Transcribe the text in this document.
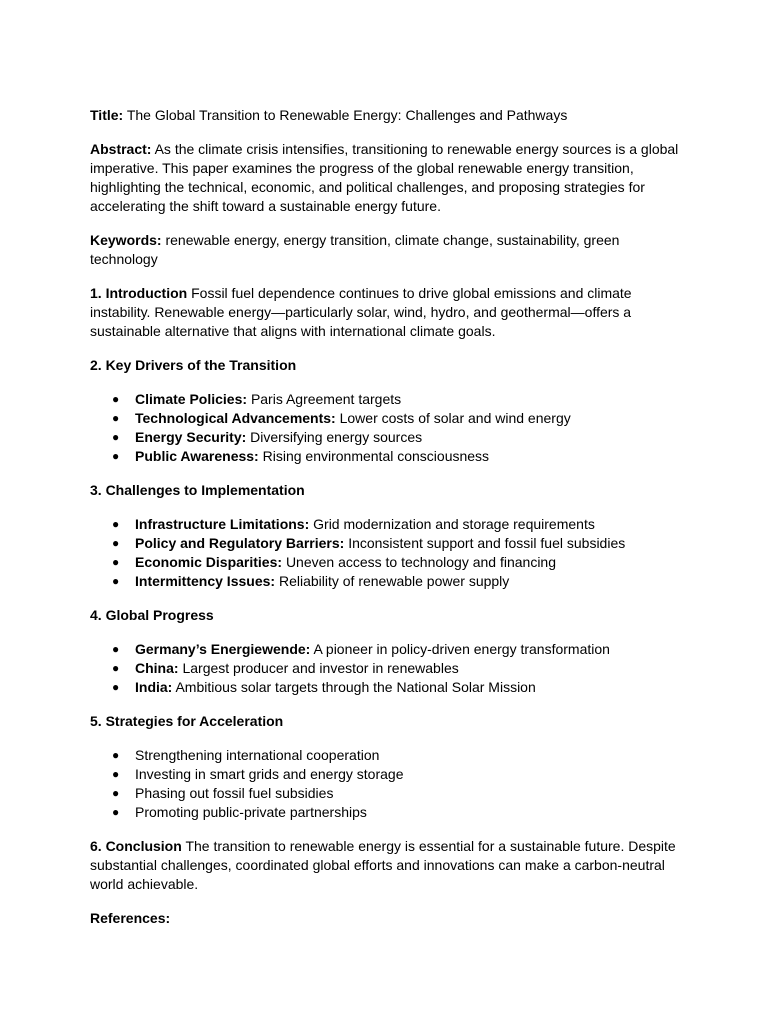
Title: The Global Transition to Renewable Energy: Challenges and Pathways

Abstract: As the climate crisis intensifies, transitioning to renewable energy sources is a global imperative. This paper examines the progress of the global renewable energy transition, highlighting the technical, economic, and political challenges, and proposing strategies for accelerating the shift toward a sustainable energy future.

Keywords: renewable energy, energy transition, climate change, sustainability, green technology

1. Introduction Fossil fuel dependence continues to drive global emissions and climate instability. Renewable energy—particularly solar, wind, hydro, and geothermal—offers a sustainable alternative that aligns with international climate goals.

2. Key Drivers of the Transition
● Climate Policies: Paris Agreement targets
● Technological Advancements: Lower costs of solar and wind energy
● Energy Security: Diversifying energy sources
● Public Awareness: Rising environmental consciousness
3. Challenges to Implementation
● Infrastructure Limitations: Grid modernization and storage requirements
● Policy and Regulatory Barriers: Inconsistent support and fossil fuel subsidies
● Economic Disparities: Uneven access to technology and financing
● Intermittency Issues: Reliability of renewable power supply
4. Global Progress
● Germany’s Energiewende: A pioneer in policy-driven energy transformation
● China: Largest producer and investor in renewables
● India: Ambitious solar targets through the National Solar Mission
5. Strategies for Acceleration
● Strengthening international cooperation
● Investing in smart grids and energy storage
● Phasing out fossil fuel subsidies
● Promoting public-private partnerships

6. Conclusion The transition to renewable energy is essential for a sustainable future. Despite substantial challenges, coordinated global efforts and innovations can make a carbon-neutral world achievable.

References:
